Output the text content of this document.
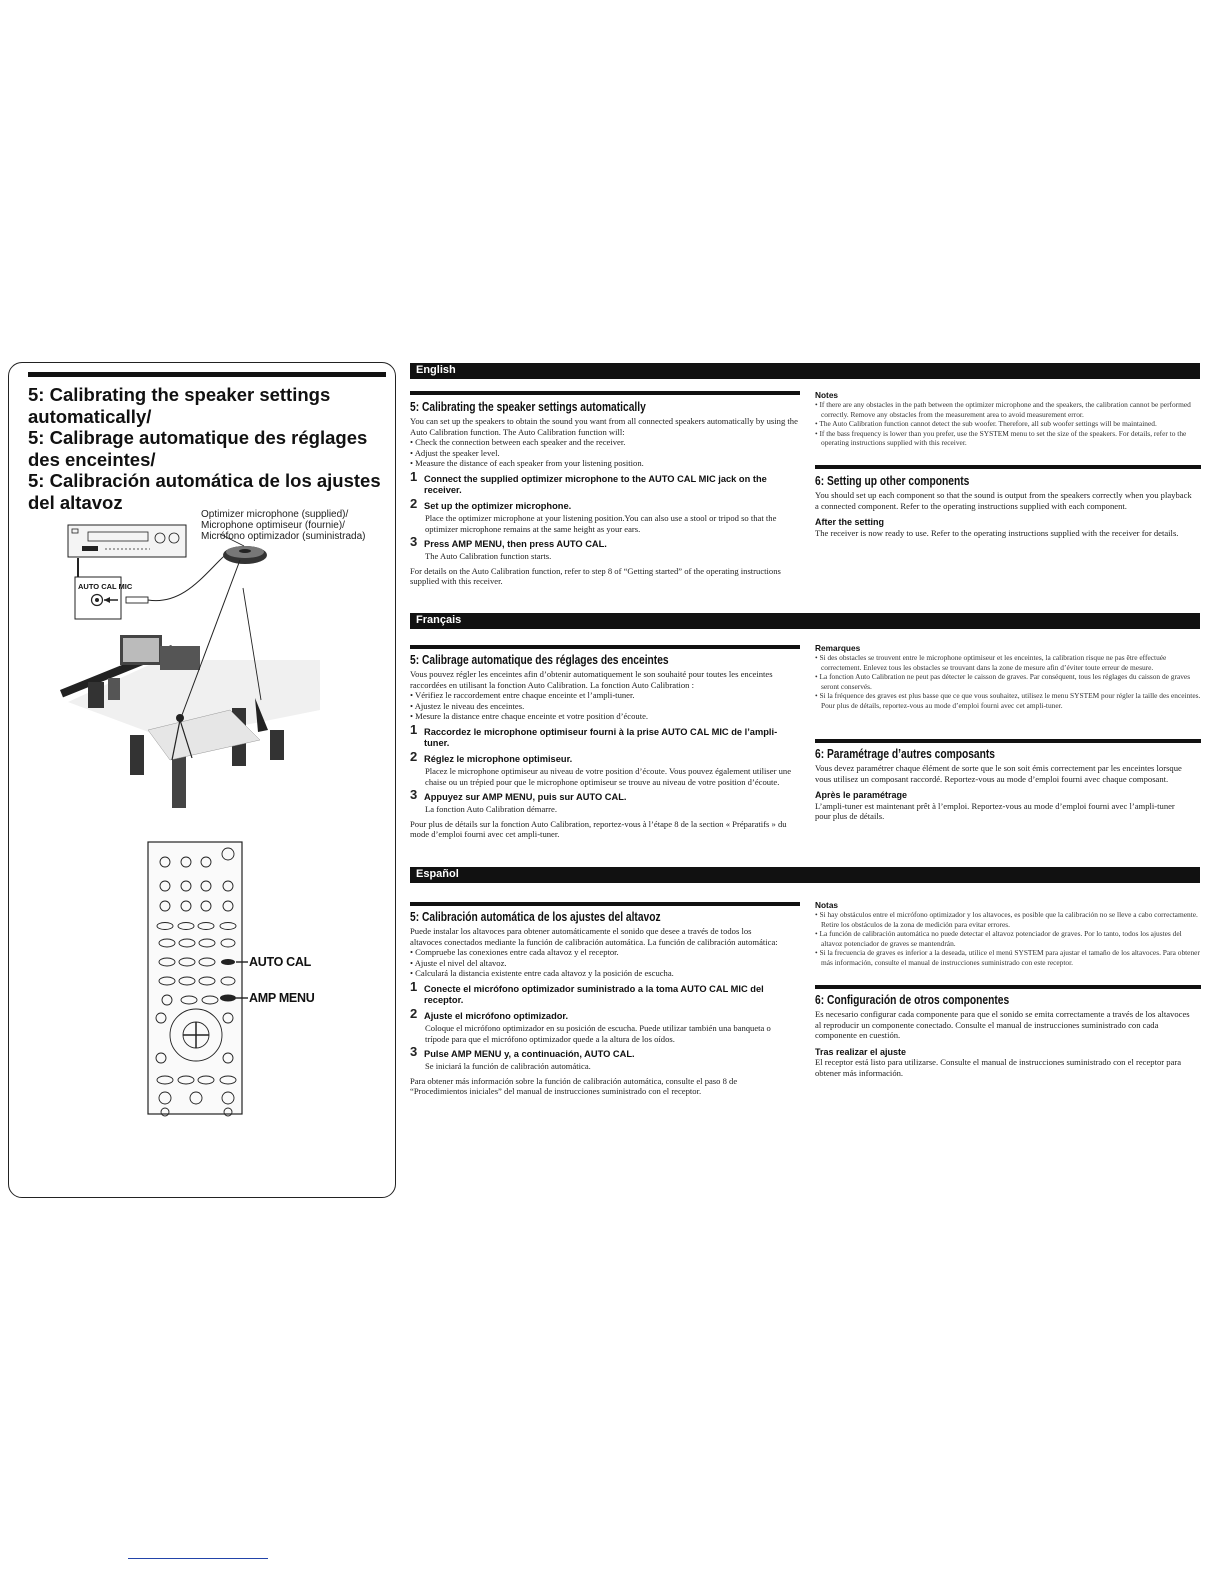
5: Calibrating the speaker settings automatically/
5: Calibrage automatique des réglages des enceintes/
5: Calibración automática de los ajustes del altavoz
Optimizer microphone (supplied)/
Microphone optimiseur (fournie)/
Micrófono optimizador (suministrada)
AUTO CAL MIC
AUTO CAL
AMP MENU
English
5: Calibrating the speaker settings automatically

You can set up the speakers to obtain the sound you want from all connected speakers automatically by using the Auto Calibration function. The Auto Calibration function will:

• Check the connection between each speaker and the receiver.

• Adjust the speaker level.

• Measure the distance of each speaker from your listening position.

1 Connect the supplied optimizer microphone to the AUTO CAL MIC jack on the receiver.
2 Set up the optimizer microphone.
Place the optimizer microphone at your listening position.You can also use a stool or tripod so that the optimizer microphone remains at the same height as your ears.
3 Press AMP MENU, then press AUTO CAL.
The Auto Calibration function starts.

For details on the Auto Calibration function, refer to step 8 of “Getting started” of the operating instructions supplied with this receiver.

Notes

• If there are any obstacles in the path between the optimizer microphone and the speakers, the calibration cannot be performed correctly. Remove any obstacles from the measurement area to avoid measurement error.

• The Auto Calibration function cannot detect the sub woofer. Therefore, all sub woofer settings will be maintained.

• If the bass frequency is lower than you prefer, use the SYSTEM menu to set the size of the speakers. For details, refer to the operating instructions supplied with this receiver.

6: Setting up other components

You should set up each component so that the sound is output from the speakers correctly when you playback a connected component. Refer to the operating instructions supplied with each component.

After the setting

The receiver is now ready to use. Refer to the operating instructions supplied with the receiver for details.

Français
5: Calibrage automatique des réglages des enceintes

Vous pouvez régler les enceintes afin d’obtenir automatiquement le son souhaité pour toutes les enceintes raccordées en utilisant la fonction Auto Calibration. La fonction Auto Calibration :

• Vérifiez le raccordement entre chaque enceinte et l’ampli-tuner.

• Ajustez le niveau des enceintes.

• Mesure la distance entre chaque enceinte et votre position d’écoute.

1 Raccordez le microphone optimiseur fourni à la prise AUTO CAL MIC de l’ampli-tuner.
2 Réglez le microphone optimiseur.
Placez le microphone optimiseur au niveau de votre position d’écoute. Vous pouvez également utiliser une chaise ou un trépied pour que le microphone optimiseur se trouve au niveau de votre position d’écoute.
3 Appuyez sur AMP MENU, puis sur AUTO CAL.
La fonction Auto Calibration démarre.

Pour plus de détails sur la fonction Auto Calibration, reportez-vous à l’étape 8 de la section « Préparatifs » du mode d’emploi fourni avec cet ampli-tuner.

Remarques

• Si des obstacles se trouvent entre le microphone optimiseur et les enceintes, la calibration risque ne pas être effectuée correctement. Enlevez tous les obstacles se trouvant dans la zone de mesure afin d’éviter toute erreur de mesure.

• La fonction Auto Calibration ne peut pas détecter le caisson de graves. Par conséquent, tous les réglages du caisson de graves seront conservés.

• Si la fréquence des graves est plus basse que ce que vous souhaitez, utilisez le menu SYSTEM pour régler la taille des enceintes. Pour plus de détails, reportez-vous au mode d’emploi fourni avec cet ampli-tuner.

6: Paramétrage d’autres composants

Vous devez paramétrer chaque élément de sorte que le son soit émis correctement par les enceintes lorsque vous utilisez un composant raccordé. Reportez-vous au mode d’emploi fourni avec chaque composant.

Après le paramétrage

L’ampli-tuner est maintenant prêt à l’emploi. Reportez-vous au mode d’emploi fourni avec l’ampli-tuner pour plus de détails.

Español
5: Calibración automática de los ajustes del altavoz

Puede instalar los altavoces para obtener automáticamente el sonido que desee a través de todos los altavoces conectados mediante la función de calibración automática. La función de calibración automática:

• Compruebe las conexiones entre cada altavoz y el receptor.

• Ajuste el nivel del altavoz.

• Calculará la distancia existente entre cada altavoz y la posición de escucha.

1 Conecte el micrófono optimizador suministrado a la toma AUTO CAL MIC del receptor.
2 Ajuste el micrófono optimizador.
Coloque el micrófono optimizador en su posición de escucha. Puede utilizar también una banqueta o trípode para que el micrófono optimizador quede a la altura de los oídos.
3 Pulse AMP MENU y, a continuación, AUTO CAL.
Se iniciará la función de calibración automática.

Para obtener más información sobre la función de calibración automática, consulte el paso 8 de “Procedimientos iniciales” del manual de instrucciones suministrado con el receptor.

Notas

• Si hay obstáculos entre el micrófono optimizador y los altavoces, es posible que la calibración no se lleve a cabo correctamente. Retire los obstáculos de la zona de medición para evitar errores.

• La función de calibración automática no puede detectar el altavoz potenciador de graves. Por lo tanto, todos los ajustes del altavoz potenciador de graves se mantendrán.

• Si la frecuencia de graves es inferior a la deseada, utilice el menú SYSTEM para ajustar el tamaño de los altavoces. Para obtener más información, consulte el manual de instrucciones suministrado con este receptor.

6: Configuración de otros componentes

Es necesario configurar cada componente para que el sonido se emita correctamente a través de los altavoces al reproducir un componente conectado. Consulte el manual de instrucciones suministrado con cada componente en cuestión.

Tras realizar el ajuste

El receptor está listo para utilizarse. Consulte el manual de instrucciones suministrado con el receptor para obtener más información.
